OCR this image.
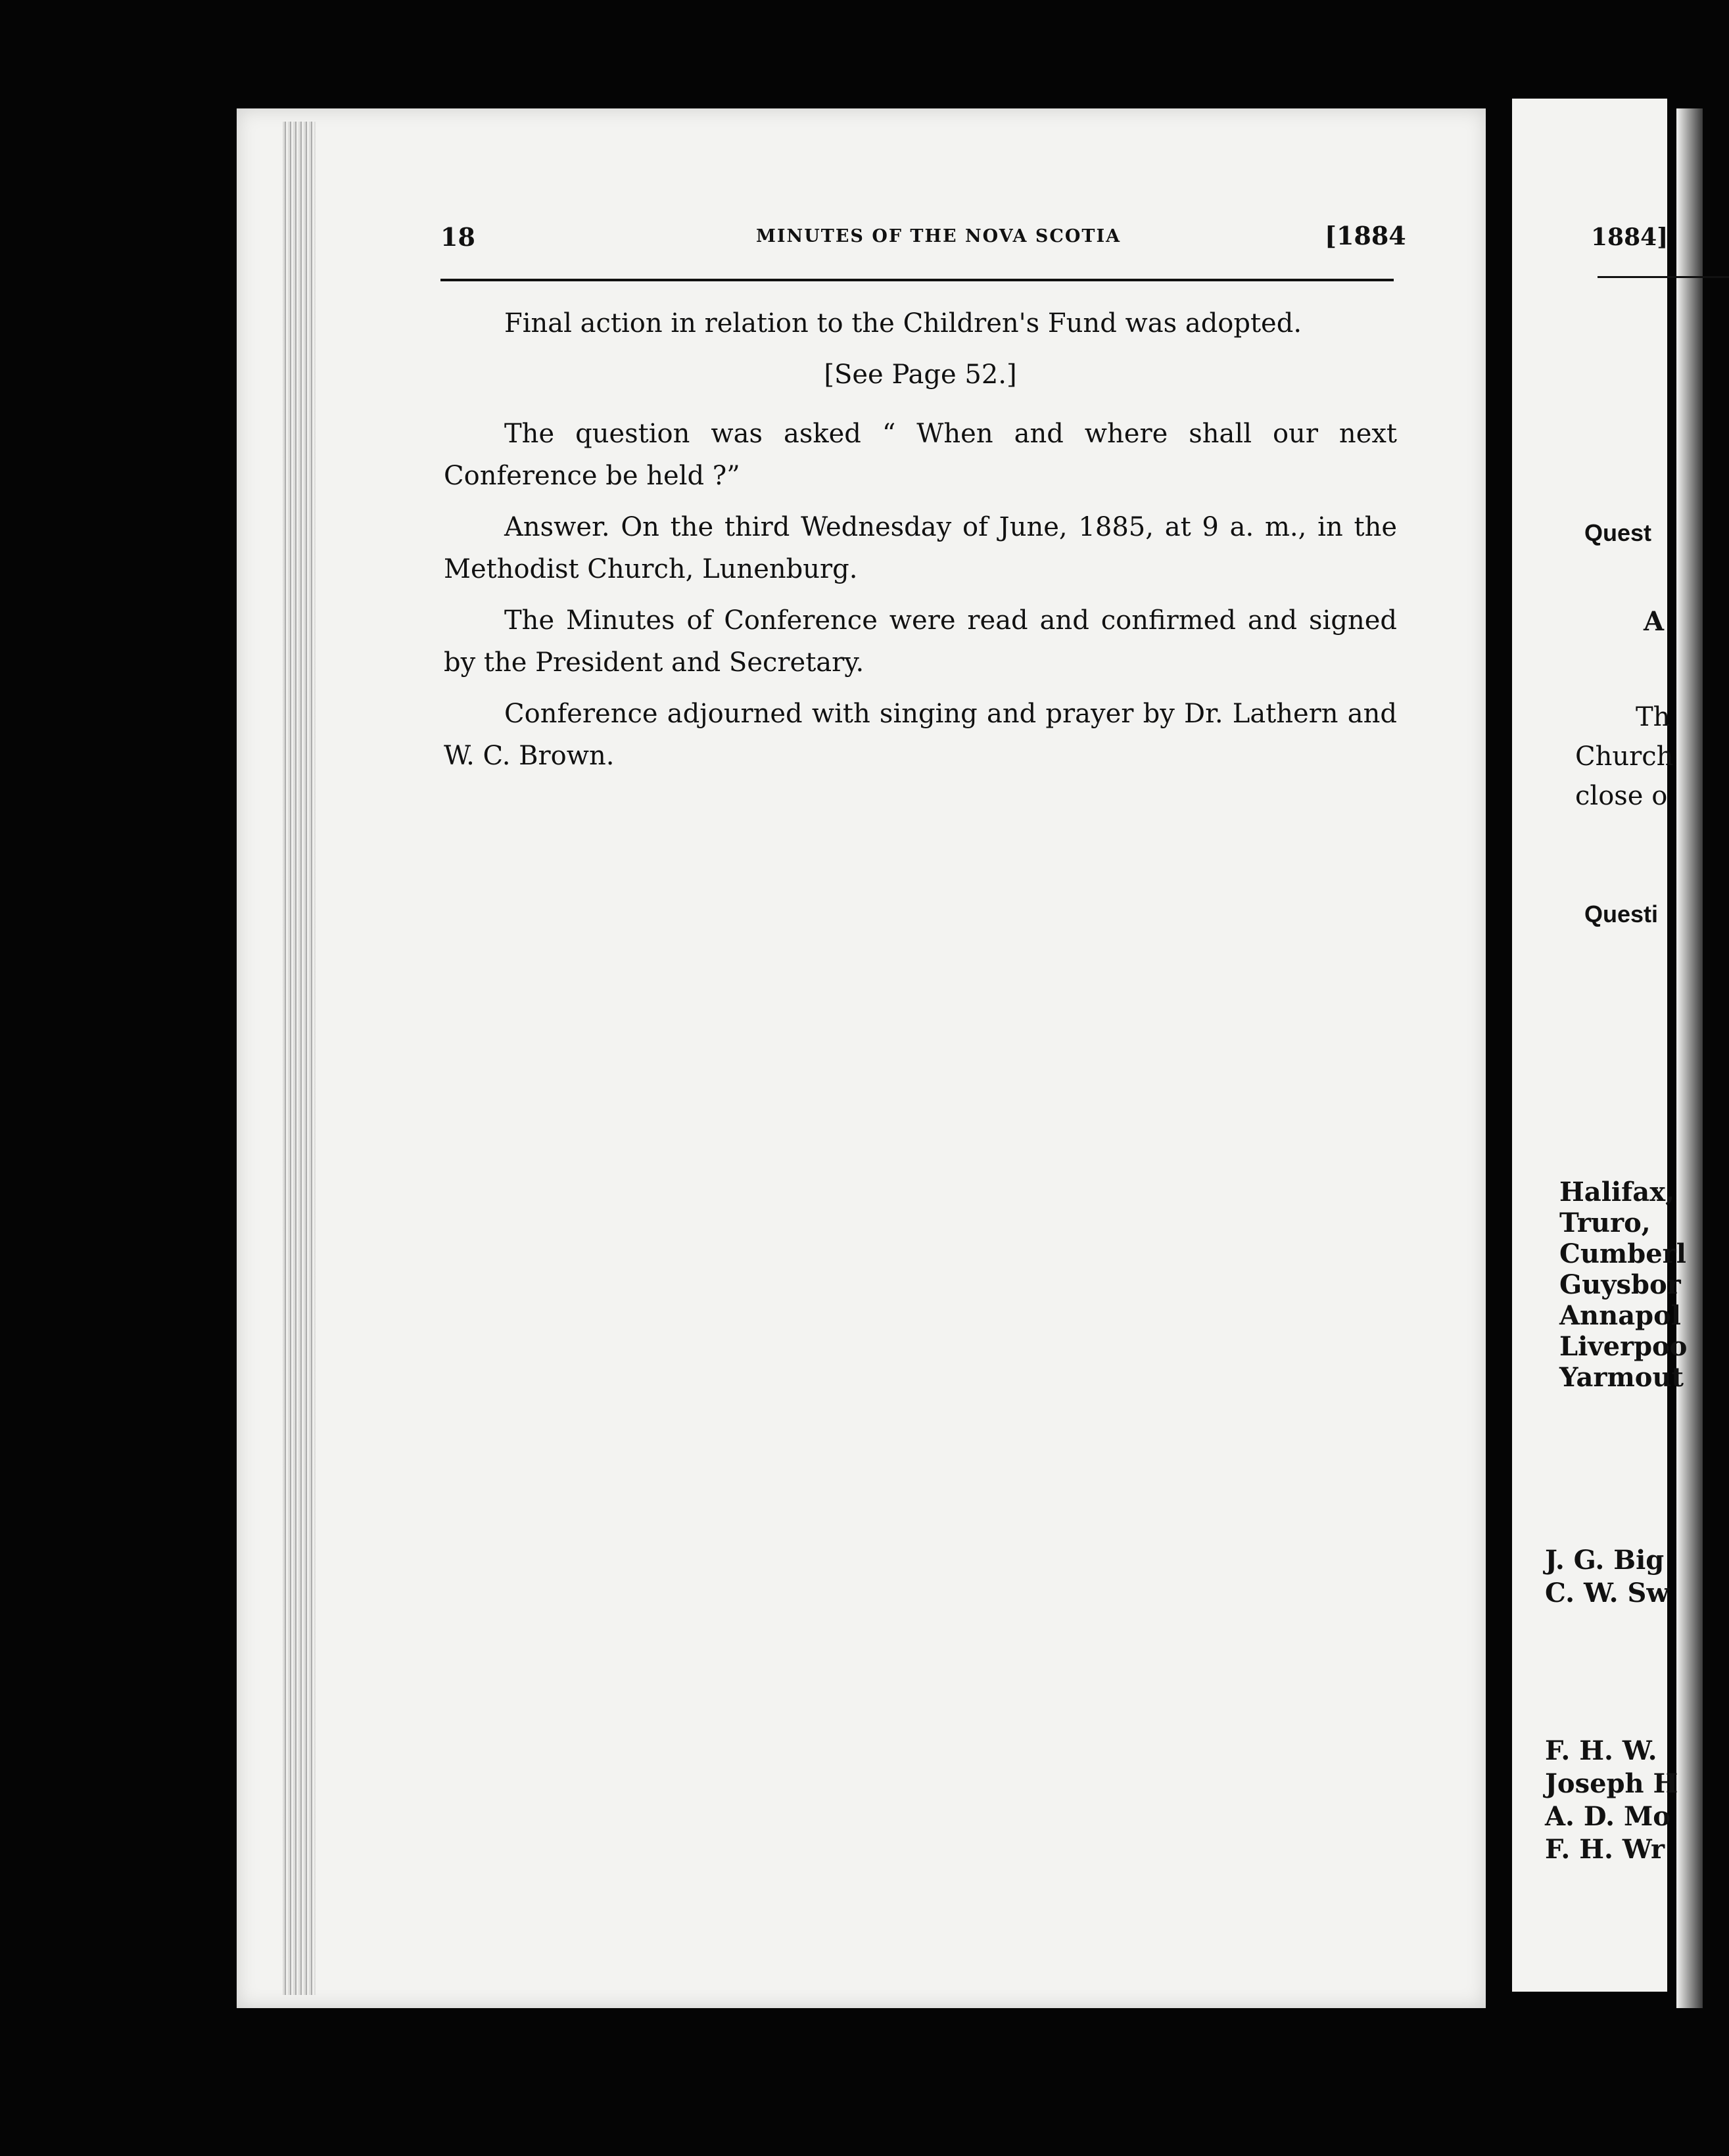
18	MINUTES OF THE NOVA SCOTIA	[1884

Final action in relation to the Children's Fund was adopted.

[See Page 52.]

The question was asked “ When and where shall our next Conference be held ?”

Answer. On the third Wednesday of June, 1885, at 9 a. m., in the Methodist Church, Lunenburg.

The Minutes of Conference were read and confirmed and signed by the President and Secretary.

Conference adjourned with singing and prayer by Dr. Lathern and W. C. Brown.

1884]
Quest
A
Th
Church
close o
Questi
Halifax,
Truro,
Cumberl
Guysbor
Annapol
Liverpoo
Yarmout
J. G. Big
C. W. Sw
F. H. W.
Joseph H
A. D. Mo
F. H. Wr
